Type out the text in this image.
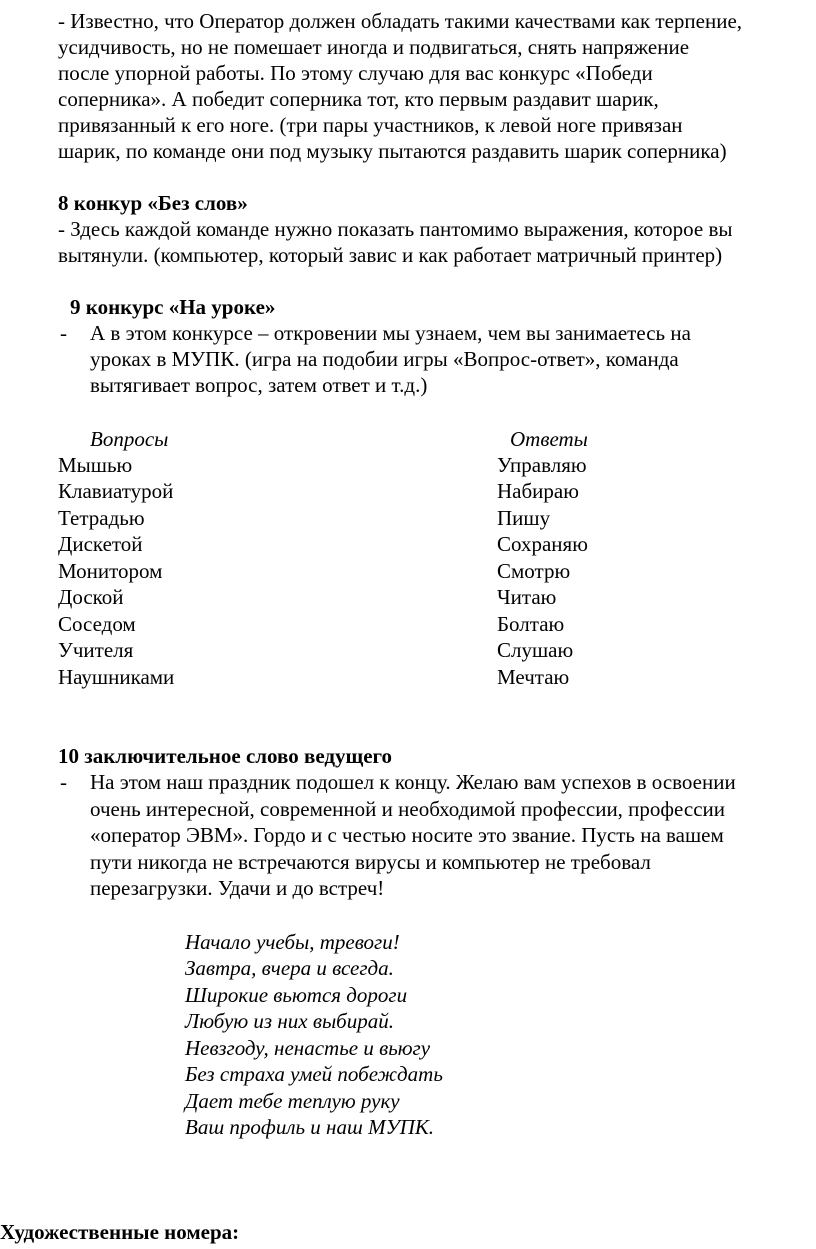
- Известно, что Оператор должен обладать такими качествами как терпение,
усидчивость, но не помешает иногда и подвигаться, снять напряжение
после упорной работы. По этому случаю для вас конкурс «Победи
соперника». А победит соперника тот, кто первым раздавит шарик,
привязанный к его ноге. (три пары участников, к левой ноге привязан
шарик, по команде они под музыку пытаются раздавить шарик соперника)
8 конкур «Без слов»
- Здесь каждой команде нужно показать пантомимо выражения, которое вы
вытянули. (компьютер, который завис и как работает матричный принтер)
9 конкурс «На уроке»
- А в этом конкурсе – откровении мы узнаем, чем вы занимаетесь на
уроках в МУПК. (игра на подобии игры «Вопрос-ответ», команда
вытягивает вопрос, затем ответ и т.д.)
Вопросы	Ответы
Мышью
Клавиатурой
Тетрадью
Дискетой
Монитором
Доской
Соседом
Учителя
Наушниками
Управляю
Набираю
Пишу
Сохраняю
Смотрю
Читаю
Болтаю
Слушаю
Мечтаю
10 заключительное слово ведущего
- На этом наш праздник подошел к концу. Желаю вам успехов в освоении
очень интересной, современной и необходимой профессии, профессии
«оператор ЭВМ». Гордо и с честью носите это звание. Пусть на вашем
пути никогда не встречаются вирусы и компьютер не требовал
перезагрузки. Удачи и до встреч!
Начало учебы, тревоги!
Завтра, вчера и всегда.
Широкие вьются дороги
Любую из них выбирай.
Невзгоду, ненастье и вьюгу
Без страха умей побеждать
Дает тебе теплую руку
Ваш профиль и наш МУПК.
Художественные номера:
